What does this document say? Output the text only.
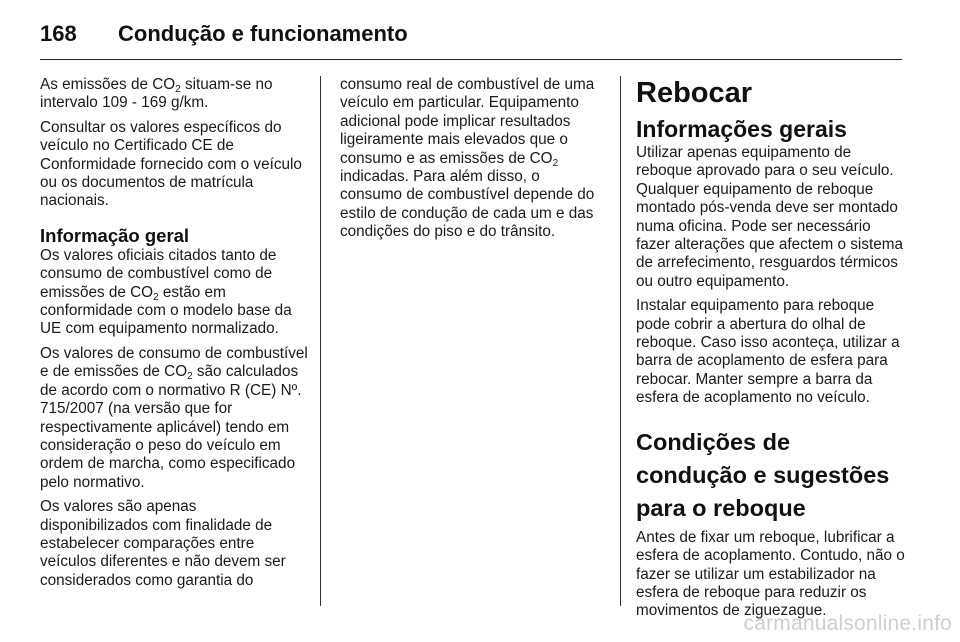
168	Condução e funcionamento

As emissões de $CO_2$ situam-se no intervalo 109 - 169 g/km.

Consultar os valores específicos do veículo no Certificado CE de Conformidade fornecido com o veículo ou os documentos de matrícula nacionais.

Informação geral

Os valores oficiais citados tanto de consumo de combustível como de emissões de $CO_2$ estão em conformidade com o modelo base da UE com equipamento normalizado.

Os valores de consumo de combustível e de emissões de $CO_2$ são calculados de acordo com o normativo R (CE) Nº. 715/2007 (na versão que for respectivamente aplicável) tendo em consideração o peso do veículo em ordem de marcha, como especificado pelo normativo.

Os valores são apenas disponibilizados com finalidade de estabelecer comparações entre veículos diferentes e não devem ser considerados como garantia do

consumo real de combustível de uma veículo em particular. Equipamento adicional pode implicar resultados ligeiramente mais elevados que o consumo e as emissões de $CO_2$ indicadas. Para além disso, o consumo de combustível depende do estilo de condução de cada um e das condições do piso e do trânsito.

Rebocar
Informações gerais

Utilizar apenas equipamento de reboque aprovado para o seu veículo. Qualquer equipamento de reboque montado pós-venda deve ser montado numa oficina. Pode ser necessário fazer alterações que afectem o sistema de arrefecimento, resguardos térmicos ou outro equipamento.

Instalar equipamento para reboque pode cobrir a abertura do olhal de reboque. Caso isso aconteça, utilizar a barra de acoplamento de esfera para rebocar. Manter sempre a barra da esfera de acoplamento no veículo.

Condições de condução e sugestões para o reboque

Antes de fixar um reboque, lubrificar a esfera de acoplamento. Contudo, não o fazer se utilizar um estabilizador na esfera de reboque para reduzir os movimentos de ziguezague.

carmanualsonline.info
